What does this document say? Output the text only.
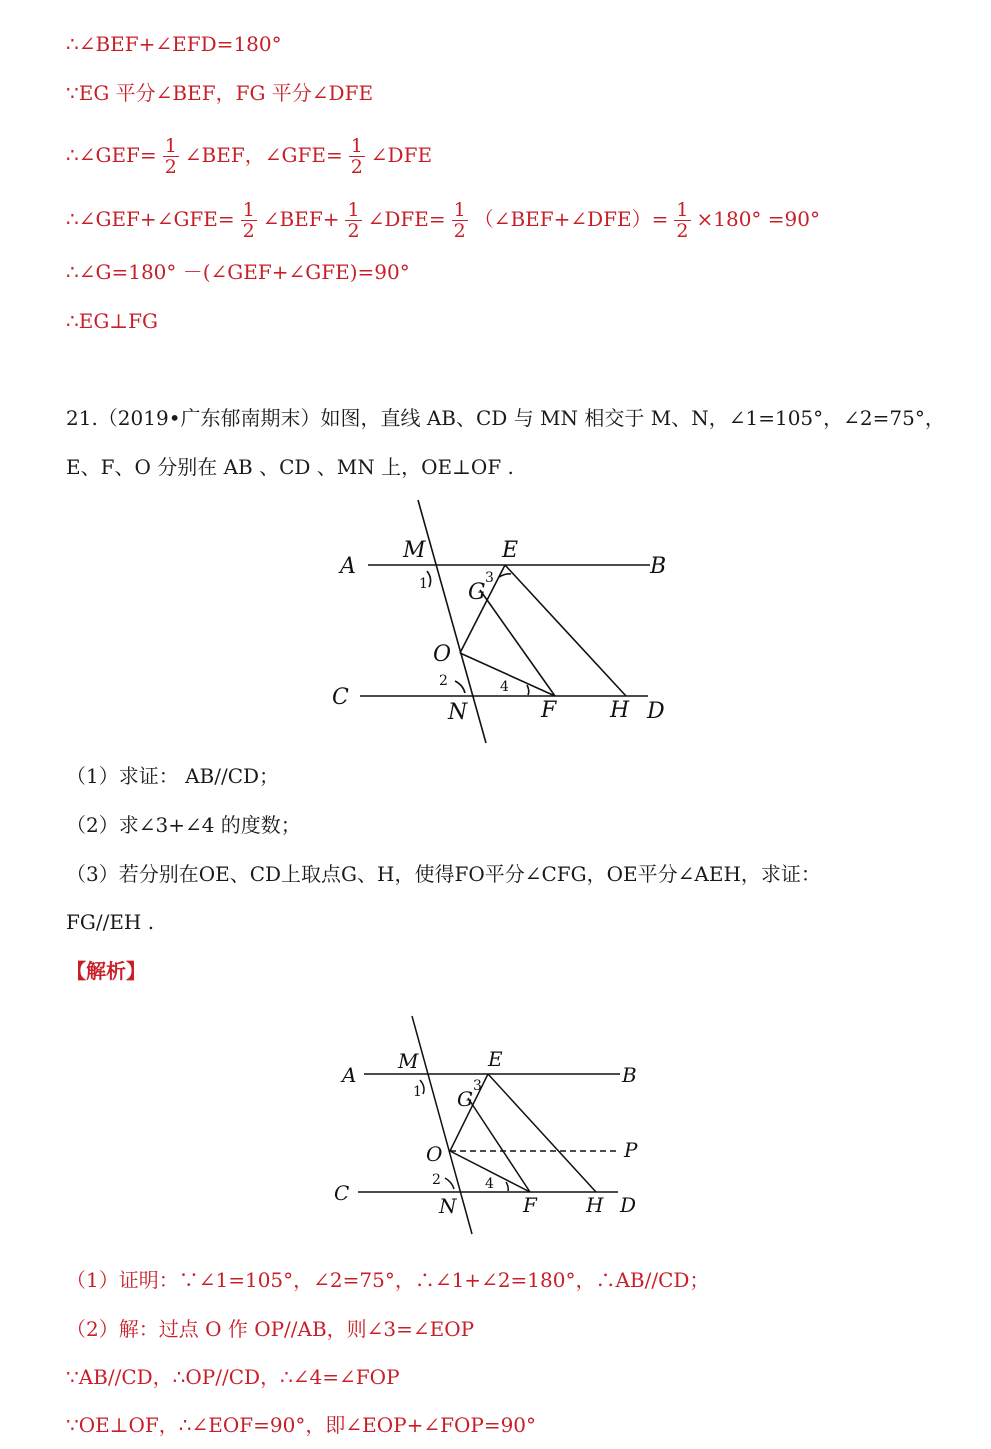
∴∠BEF+∠EFD=180°
∵EG 平分∠BEF，FG 平分∠DFE
∴∠GEF= $\frac{1}{2}$ ∠BEF，∠GFE= $\frac{1}{2}$ ∠DFE
∴∠GEF+∠GFE= $\frac{1}{2}$ ∠BEF+ $\frac{1}{2}$ ∠DFE= $\frac{1}{2}$ （∠BEF+∠DFE）= $\frac{1}{2} \times 180^\circ =90^\circ$
∴∠G=180° －(∠GEF+∠GFE)=90°
∴EG⊥FG
21.（2019•广东郁南期末）如图，直线 AB、CD 与 MN 相交于 M、N，∠1=105°，∠2=75°，
E、F、O 分别在 AB 、CD 、MN 上，OE⊥OF .
A	B
C
D
M
N
E
F
G
H
O
1
2
3
4
（1）求证： AB//CD；
（2）求∠3+∠4 的度数；
（3）若分别在OE、CD上取点G、H，使得FO平分∠CFG，OE平分∠AEH，求证：
FG//EH .
【解析】
A	B
C	D
M
N
E
F
G
H
O	P
1
2
3
4
（1）证明：∵∠1=105°，∠2=75°，∴∠1+∠2=180°，∴AB//CD；
（2）解：过点 O 作 OP//AB，则∠3=∠EOP
∵AB//CD，∴OP//CD，∴∠4=∠FOP
∵OE⊥OF，∴∠EOF=90°，即∠EOP+∠FOP=90°
